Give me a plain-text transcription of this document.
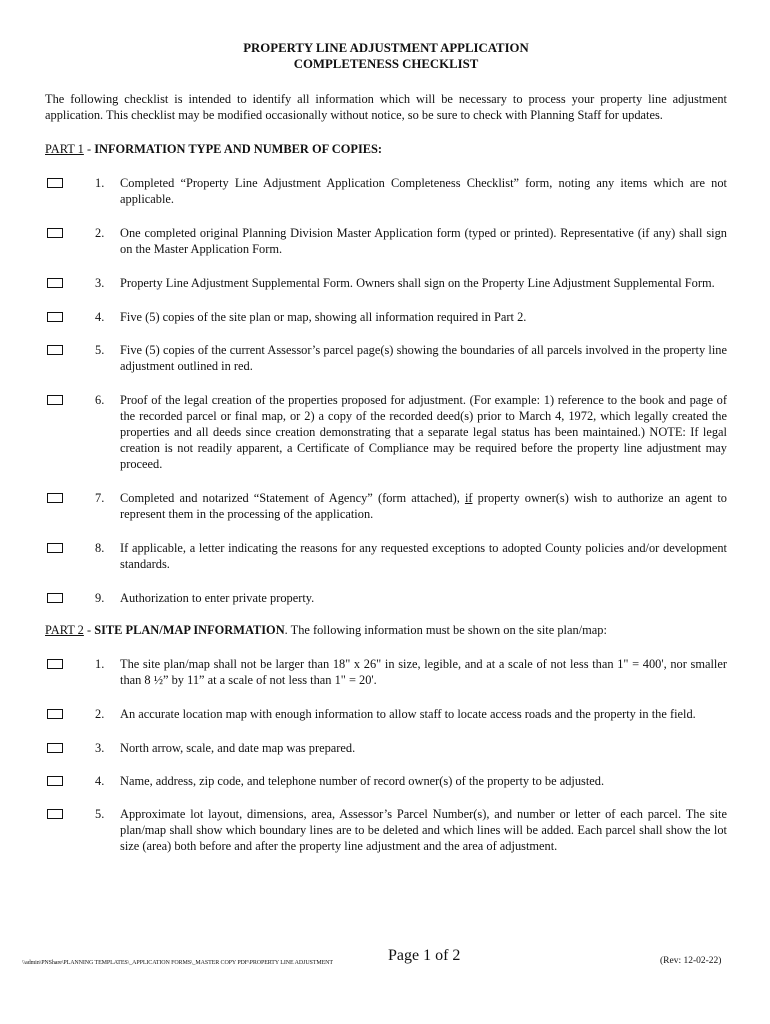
PROPERTY LINE ADJUSTMENT APPLICATION
COMPLETENESS CHECKLIST
The following checklist is intended to identify all information which will be necessary to process your property line adjustment application. This checklist may be modified occasionally without notice, so be sure to check with Planning Staff for updates.
PART 1 - INFORMATION TYPE AND NUMBER OF COPIES:
1.	Completed “Property Line Adjustment Application Completeness Checklist” form, noting any items which are not applicable.
2.	One completed original Planning Division Master Application form (typed or printed). Representative (if any) shall sign on the Master Application Form.
3.	Property Line Adjustment Supplemental Form. Owners shall sign on the Property Line Adjustment Supplemental Form.
4.	Five (5) copies of the site plan or map, showing all information required in Part 2.
5.	Five (5) copies of the current Assessor’s parcel page(s) showing the boundaries of all parcels involved in the property line adjustment outlined in red.
6.	Proof of the legal creation of the properties proposed for adjustment. (For example: 1) reference to the book and page of the recorded parcel or final map, or 2) a copy of the recorded deed(s) prior to March 4, 1972, which legally created the properties and all deeds since creation demonstrating that a separate legal status has been maintained.) NOTE: If legal creation is not readily apparent, a Certificate of Compliance may be required before the property line adjustment may proceed.
7.	Completed and notarized “Statement of Agency” (form attached), if property owner(s) wish to authorize an agent to represent them in the processing of the application.
8.	If applicable, a letter indicating the reasons for any requested exceptions to adopted County policies and/or development standards.
9.	Authorization to enter private property.
PART 2 - SITE PLAN/MAP INFORMATION. The following information must be shown on the site plan/map:
1.	The site plan/map shall not be larger than 18" x 26" in size, legible, and at a scale of not less than 1" = 400', nor smaller than 8 ½” by 11” at a scale of not less than 1" = 20'.
2.	An accurate location map with enough information to allow staff to locate access roads and the property in the field.
3.	North arrow, scale, and date map was prepared.
4.	Name, address, zip code, and telephone number of record owner(s) of the property to be adjusted.
5.	Approximate lot layout, dimensions, area, Assessor’s Parcel Number(s), and number or letter of each parcel. The site plan/map shall show which boundary lines are to be deleted and which lines will be added. Each parcel shall show the lot size (area) both before and after the property line adjustment and the area of adjustment.
\\admin\PNShare\PLANNING TEMPLATES\_APPLICATION FORMS\_MASTER COPY PDF\PROPERTY LINE ADJUSTMENT	Page 1 of 2	(Rev: 12-02-22)
